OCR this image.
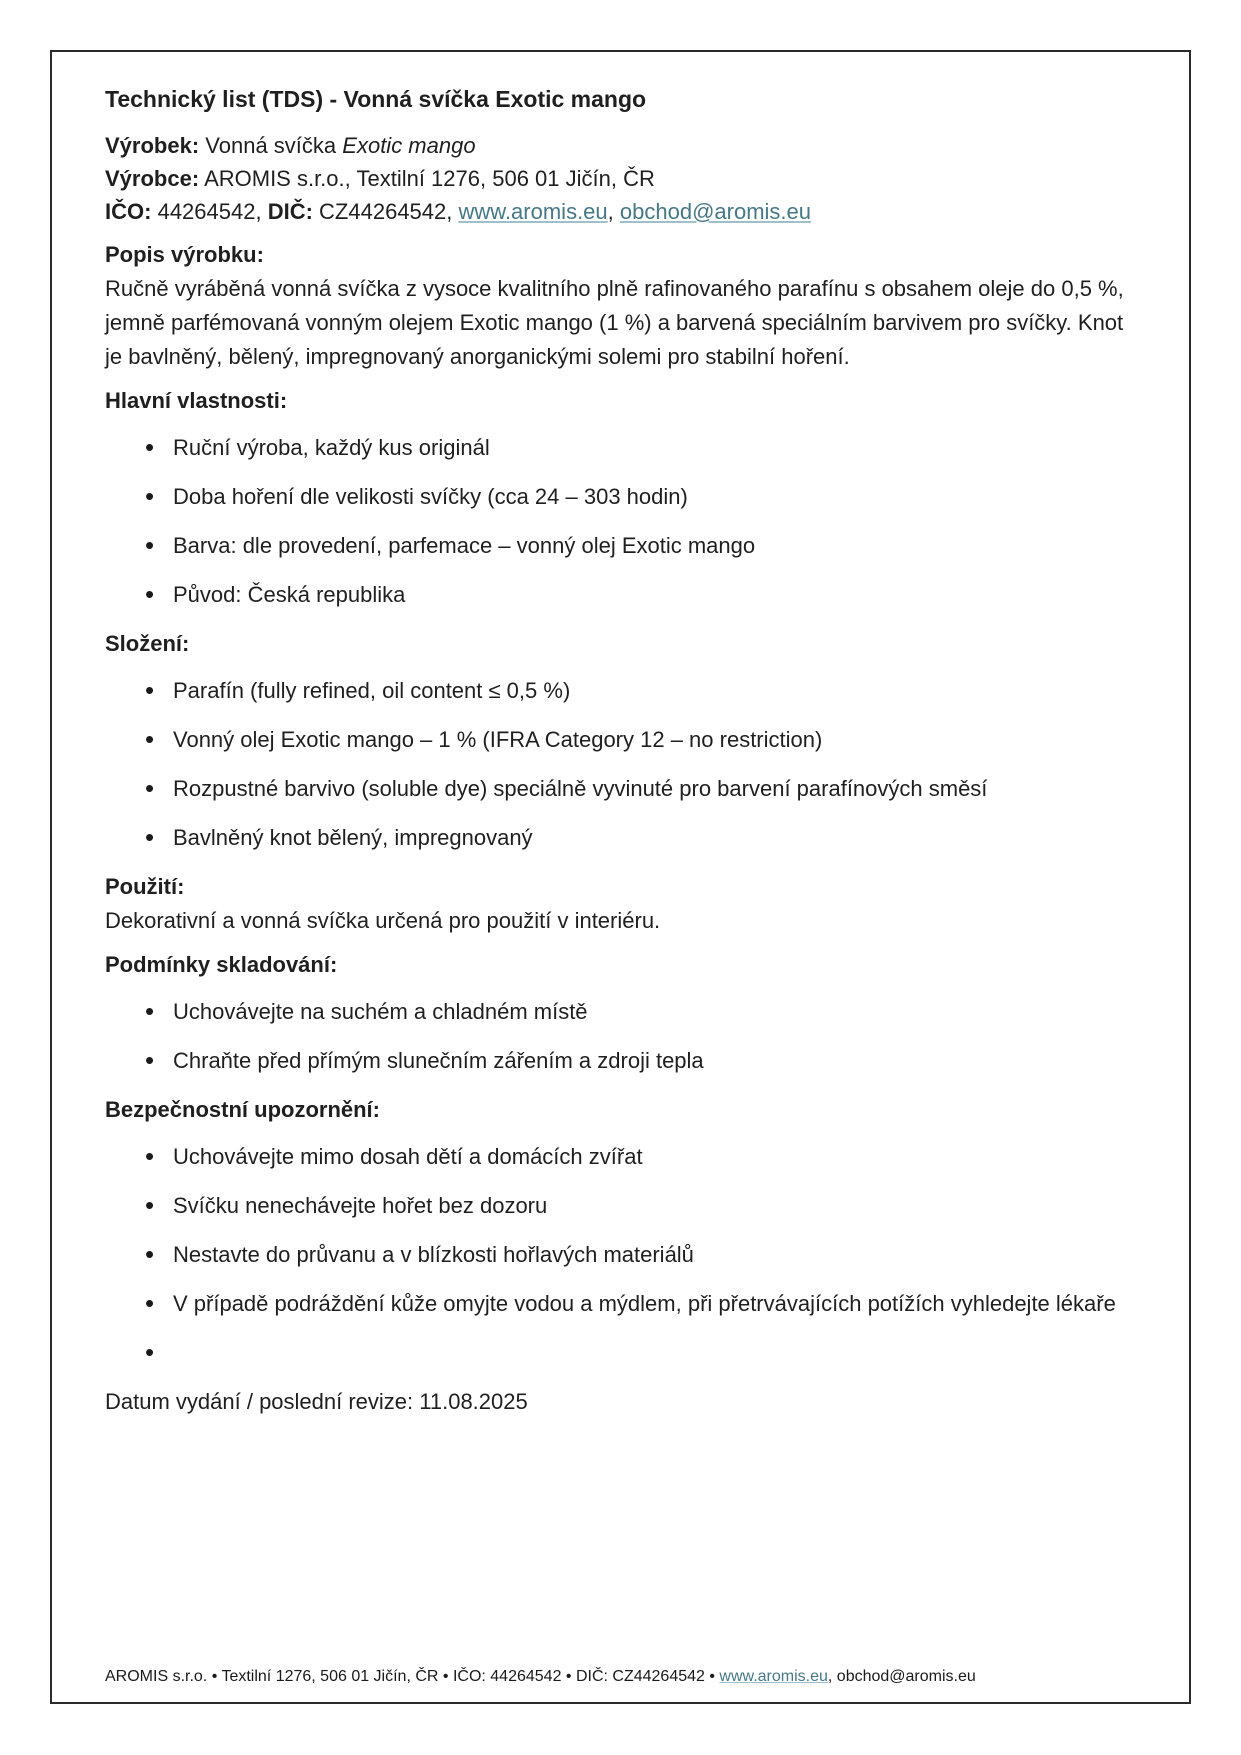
Technický list (TDS) - Vonná svíčka Exotic mango
Výrobek: Vonná svíčka Exotic mango
Výrobce: AROMIS s.r.o., Textilní 1276, 506 01 Jičín, ČR
IČO: 44264542, DIČ: CZ44264542, www.aromis.eu, obchod@aromis.eu
Popis výrobku:

Ručně vyráběná vonná svíčka z vysoce kvalitního plně rafinovaného parafínu s obsahem oleje do 0,5 %, jemně parfémovaná vonným olejem Exotic mango (1 %) a barvená speciálním barvivem pro svíčky. Knot je bavlněný, bělený, impregnovaný anorganickými solemi pro stabilní hoření.

Hlavní vlastnosti:
• Ruční výroba, každý kus originál
• Doba hoření dle velikosti svíčky (cca 24 – 303 hodin)
• Barva: dle provedení, parfemace – vonný olej Exotic mango
• Původ: Česká republika
Složení:
• Parafín (fully refined, oil content ≤ 0,5 %)
• Vonný olej Exotic mango – 1 % (IFRA Category 12 – no restriction)
• Rozpustné barvivo (soluble dye) speciálně vyvinuté pro barvení parafínových směsí
• Bavlněný knot bělený, impregnovaný
Použití:

Dekorativní a vonná svíčka určená pro použití v interiéru.

Podmínky skladování:
• Uchovávejte na suchém a chladném místě
• Chraňte před přímým slunečním zářením a zdroji tepla
Bezpečnostní upozornění:
• Uchovávejte mimo dosah dětí a domácích zvířat
• Svíčku nenechávejte hořet bez dozoru
• Nestavte do průvanu a v blízkosti hořlavých materiálů
• V případě podráždění kůže omyjte vodou a mýdlem, při přetrvávajících potížích vyhledejte lékaře
•

Datum vydání / poslední revize: 11.08.2025

AROMIS s.r.o. • Textilní 1276, 506 01 Jičín, ČR • IČO: 44264542 • DIČ: CZ44264542 • www.aromis.eu, obchod@aromis.eu
